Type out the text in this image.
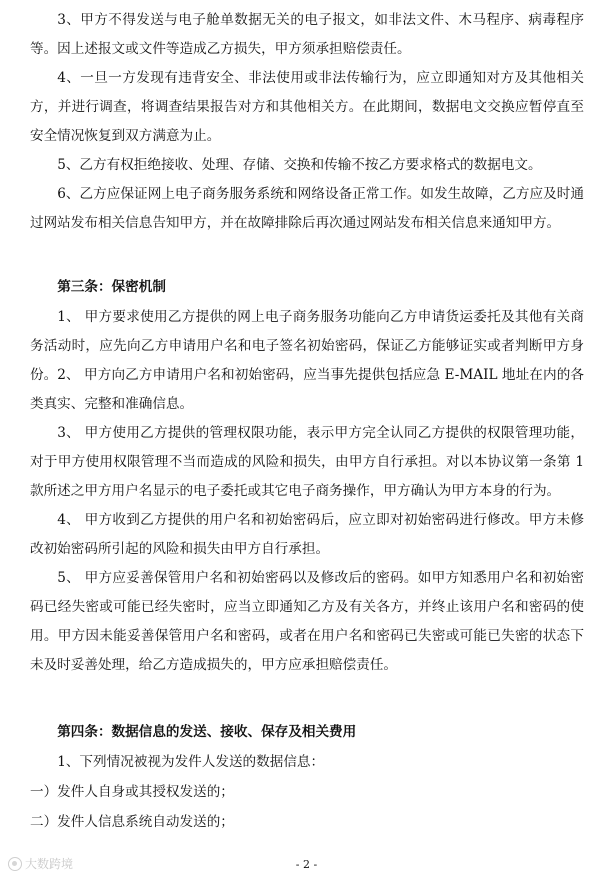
3、甲方不得发送与电子舱单数据无关的电子报文，如非法文件、木马程序、病毒程序等。因上述报文或文件等造成乙方损失，甲方须承担赔偿责任。

4、一旦一方发现有违背安全、非法使用或非法传输行为，应立即通知对方及其他相关方，并进行调查，将调查结果报告对方和其他相关方。在此期间，数据电文交换应暂停直至安全情况恢复到双方满意为止。

5、乙方有权拒绝接收、处理、存储、交换和传输不按乙方要求格式的数据电文。

6、乙方应保证网上电子商务服务系统和网络设备正常工作。如发生故障，乙方应及时通过网站发布相关信息告知甲方，并在故障排除后再次通过网站发布相关信息来通知甲方。

第三条：保密机制

1、 甲方要求使用乙方提供的网上电子商务服务功能向乙方申请货运委托及其他有关商务活动时，应先向乙方申请用户名和电子签名初始密码，保证乙方能够证实或者判断甲方身份。 2、 甲方向乙方申请用户名和初始密码，应当事先提供包括应急 E-MAIL 地址在内的各类真实、完整和准确信息。

3、 甲方使用乙方提供的管理权限功能，表示甲方完全认同乙方提供的权限管理功能，对于甲方使用权限管理不当而造成的风险和损失，由甲方自行承担。对以本协议第一条第 1 款所述之甲方用户名显示的电子委托或其它电子商务操作，甲方确认为甲方本身的行为。

4、 甲方收到乙方提供的用户名和初始密码后，应立即对初始密码进行修改。甲方未修改初始密码所引起的风险和损失由甲方自行承担。

5、 甲方应妥善保管用户名和初始密码以及修改后的密码。如甲方知悉用户名和初始密码已经失密或可能已经失密时，应当立即通知乙方及有关各方，并终止该用户名和密码的使用。甲方因未能妥善保管用户名和密码，或者在用户名和密码已失密或可能已失密的状态下未及时妥善处理，给乙方造成损失的，甲方应承担赔偿责任。

第四条：数据信息的发送、接收、保存及相关费用

1、下列情况被视为发件人发送的数据信息：

一）发件人自身或其授权发送的；

二）发件人信息系统自动发送的；

- 2 -
大数跨境
